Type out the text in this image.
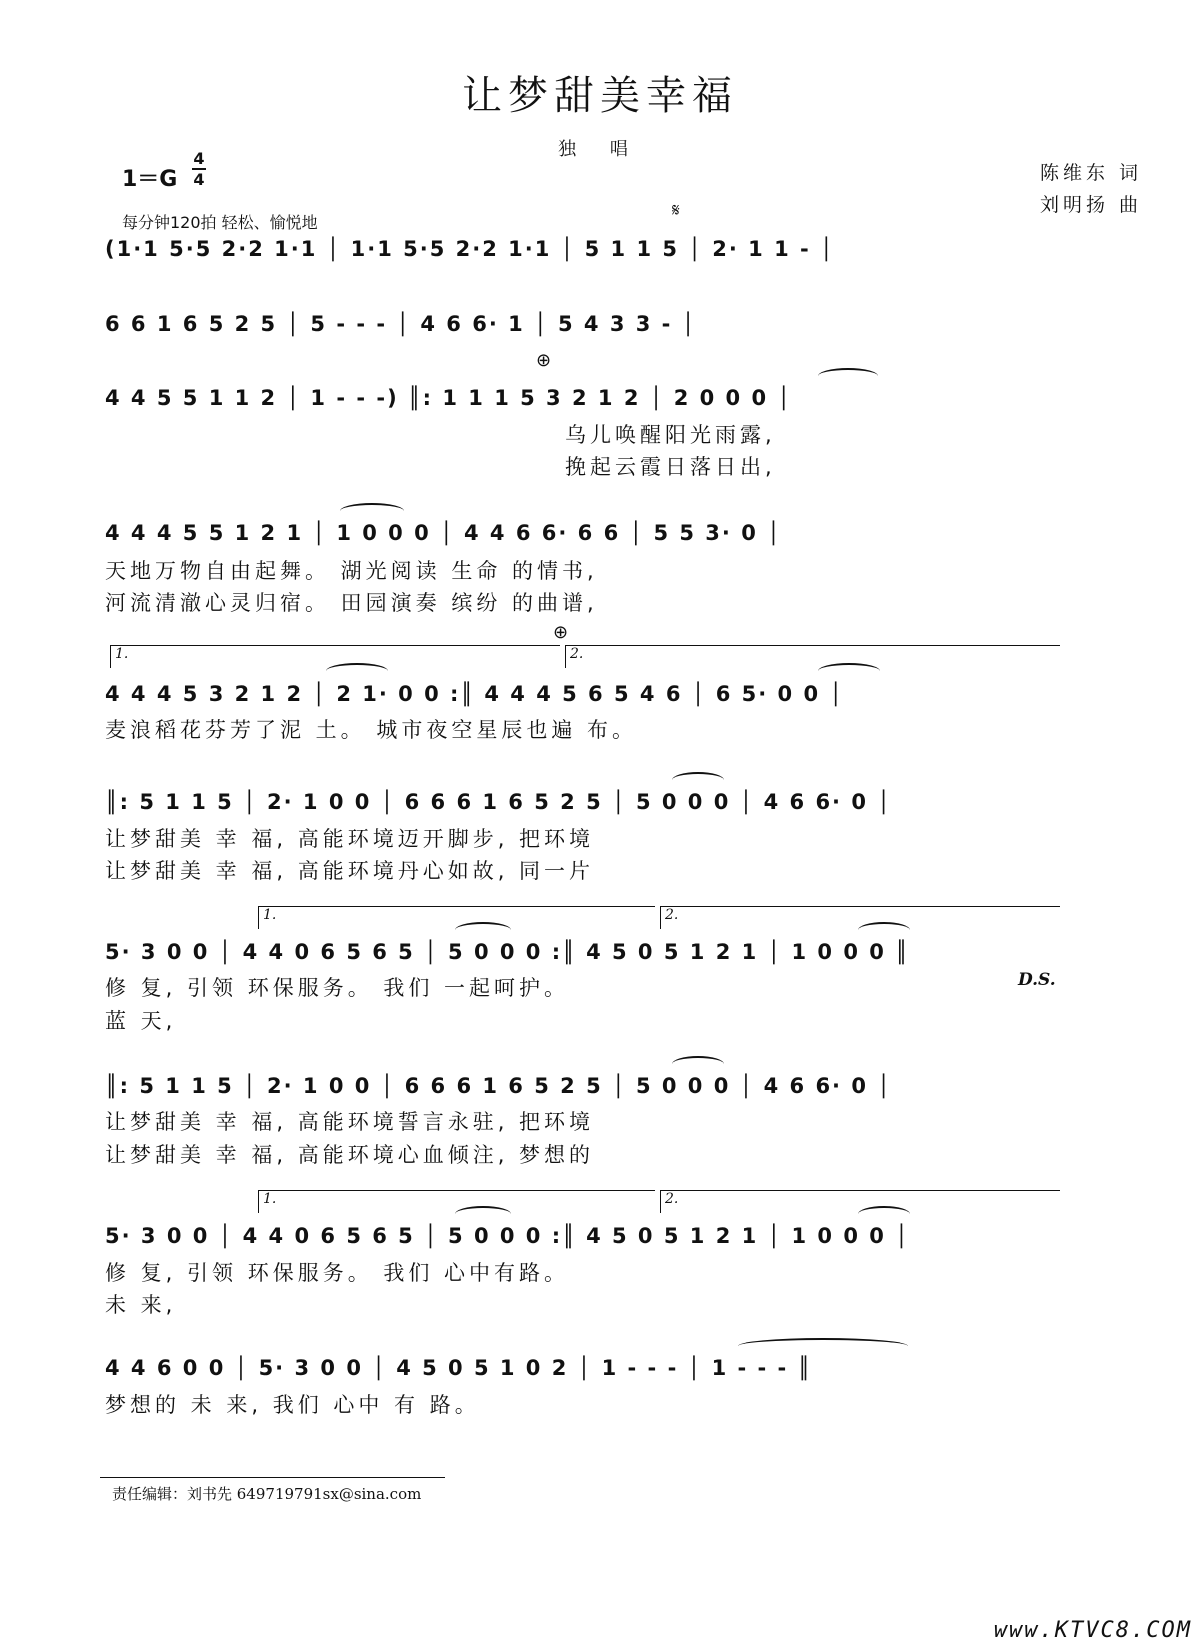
让梦甜美幸福
独 唱
陈维东 词
刘明扬 曲
1＝G
4
4
每分钟120拍 轻松、愉悦地
𝄋
⊕
⊕
(1·1 5·5 2·2 1·1 │ 1·1 5·5 2·2 1·1 │ 5 1 1 5 │ 2· 1 1 - │
6 6 1 6 5 2 5 │ 5 - - - │ 4 6 6· 1 │ 5 4 3 3 - │
4 4 5 5 1 1 2 │ 1 - - -) ║: 1 1 1 5 3 2 1 2 │ 2 0 0 0 │
乌儿唤醒阳光雨露,
挽起云霞日落日出,
4 4 4 5 5 1 2 1 │ 1 0 0 0 │ 4 4 6 6· 6 6 │ 5 5 3· 0 │
天地万物自由起舞。 湖光阅读 生命 的情书,
河流清澈心灵归宿。 田园演奏 缤纷 的曲谱,
1.	2.
4 4 4 5 3 2 1 2 │ 2 1· 0 0 :║ 4 4 4 5 6 5 4 6 │ 6 5· 0 0 │
麦浪稻花芬芳了泥 土。 城市夜空星辰也遍 布。
║: 5 1 1 5 │ 2· 1 0 0 │ 6 6 6 1 6 5 2 5 │ 5 0 0 0 │ 4 6 6· 0 │
让梦甜美 幸 福, 高能环境迈开脚步, 把环境
让梦甜美 幸 福, 高能环境丹心如故, 同一片
1.	2.
5· 3 0 0 │ 4 4 0 6 5 6 5 │ 5 0 0 0 :║ 4 5 0 5 1 2 1 │ 1 0 0 0 ║
D.S.
修 复, 引领 环保服务。 我们 一起呵护。
蓝 天,
║: 5 1 1 5 │ 2· 1 0 0 │ 6 6 6 1 6 5 2 5 │ 5 0 0 0 │ 4 6 6· 0 │
让梦甜美 幸 福, 高能环境誓言永驻, 把环境
让梦甜美 幸 福, 高能环境心血倾注, 梦想的
1.	2.
5· 3 0 0 │ 4 4 0 6 5 6 5 │ 5 0 0 0 :║ 4 5 0 5 1 2 1 │ 1 0 0 0 │
修 复, 引领 环保服务。 我们 心中有路。
未 来,
4 4 6 0 0 │ 5· 3 0 0 │ 4 5 0 5 1 0 2 │ 1 - - - │ 1 - - - ║
梦想的 未 来, 我们 心中 有 路。
责任编辑：刘书先 649719791sx@sina.com
www.KTVC8.COM
